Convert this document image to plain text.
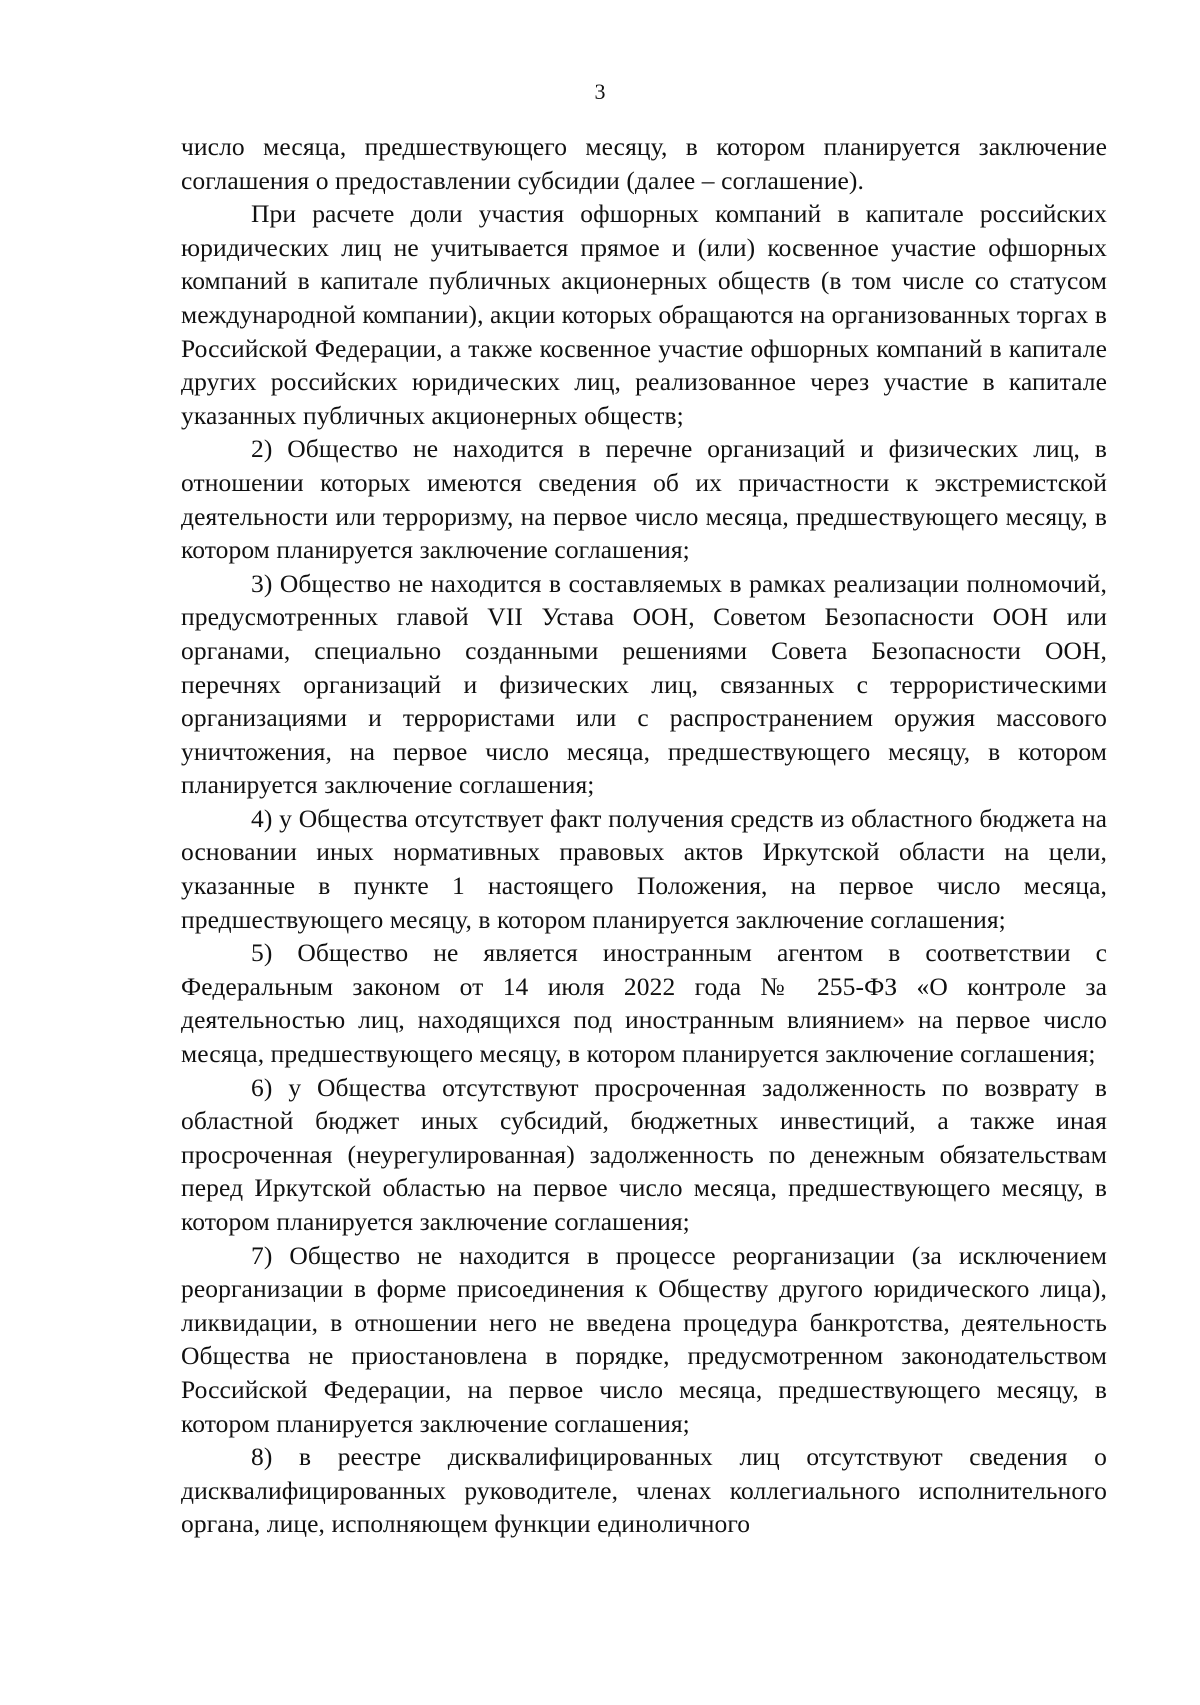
3

число месяца, предшествующего месяцу, в котором планируется заключение соглашения о предоставлении субсидии (далее – соглашение).

При расчете доли участия офшорных компаний в капитале российских юридических лиц не учитывается прямое и (или) косвенное участие офшорных компаний в капитале публичных акционерных обществ (в том числе со статусом международной компании), акции которых обращаются на организованных торгах в Российской Федерации, а также косвенное участие офшорных компаний в капитале других российских юридических лиц, реализованное через участие в капитале указанных публичных акционерных обществ;

2) Общество не находится в перечне организаций и физических лиц, в отношении которых имеются сведения об их причастности к экстремистской деятельности или терроризму, на первое число месяца, предшествующего месяцу, в котором планируется заключение соглашения;

3) Общество не находится в составляемых в рамках реализации полномочий, предусмотренных главой VII Устава ООН, Советом Безопасности ООН или органами, специально созданными решениями Совета Безопасности ООН, перечнях организаций и физических лиц, связанных с террористическими организациями и террористами или с распространением оружия массового уничтожения, на первое число месяца, предшествующего месяцу, в котором планируется заключение соглашения;

4) у Общества отсутствует факт получения средств из областного бюджета на основании иных нормативных правовых актов Иркутской области на цели, указанные в пункте 1 настоящего Положения, на первое число месяца, предшествующего месяцу, в котором планируется заключение соглашения;

5) Общество не является иностранным агентом в соответствии с Федеральным законом от 14 июля 2022 года № 255-ФЗ «О контроле за деятельностью лиц, находящихся под иностранным влиянием» на первое число месяца, предшествующего месяцу, в котором планируется заключение соглашения;

6) у Общества отсутствуют просроченная задолженность по возврату в областной бюджет иных субсидий, бюджетных инвестиций, а также иная просроченная (неурегулированная) задолженность по денежным обязательствам перед Иркутской областью на первое число месяца, предшествующего месяцу, в котором планируется заключение соглашения;

7) Общество не находится в процессе реорганизации (за исключением реорганизации в форме присоединения к Обществу другого юридического лица), ликвидации, в отношении него не введена процедура банкротства, деятельность Общества не приостановлена в порядке, предусмотренном законодательством Российской Федерации, на первое число месяца, предшествующего месяцу, в котором планируется заключение соглашения;

8) в реестре дисквалифицированных лиц отсутствуют сведения о дисквалифицированных руководителе, членах коллегиального исполнительного органа, лице, исполняющем функции единоличного
